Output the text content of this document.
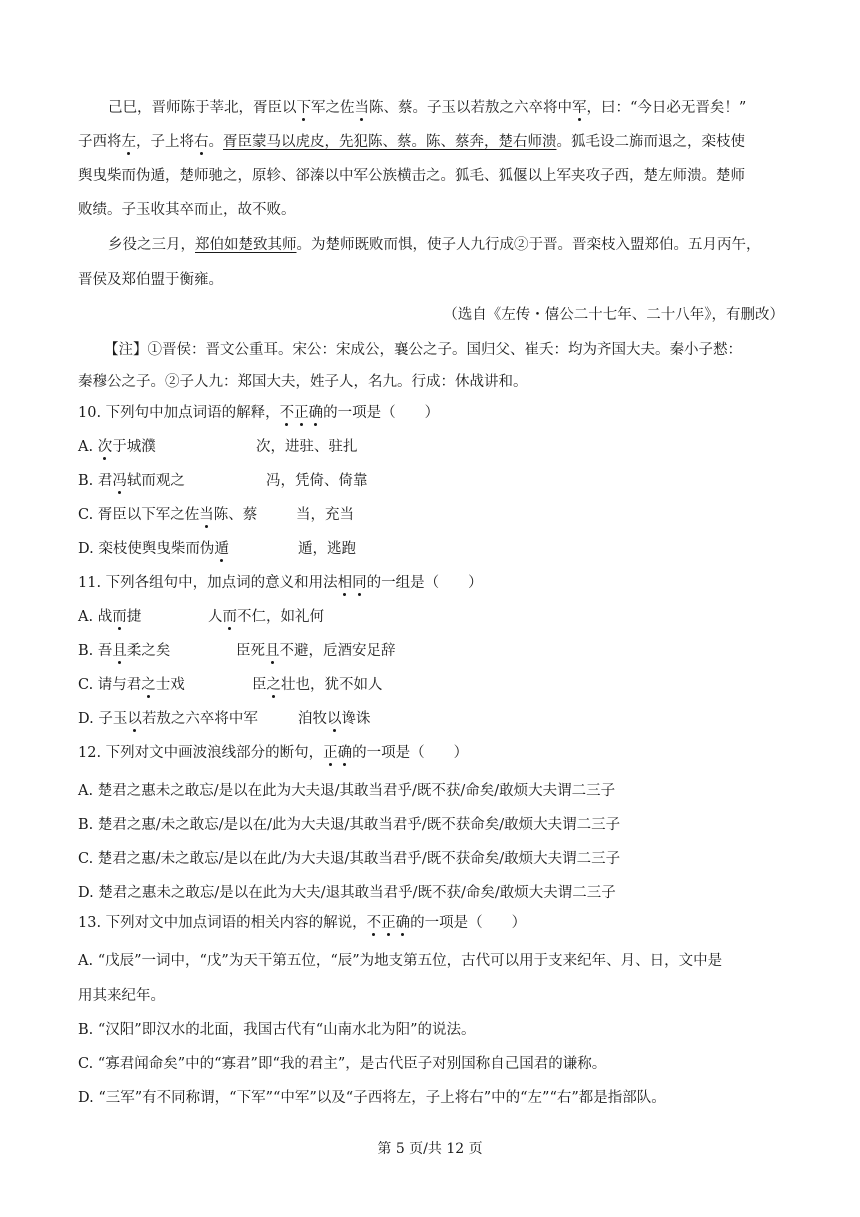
己巳，晋师陈于莘北，胥臣以下军之佐当陈、蔡。子玉以若敖之六卒将中军，曰：“今日必无晋矣！”
子西将左，子上将右。胥臣蒙马以虎皮，先犯陈、蔡。陈、蔡奔，楚右师溃。狐毛设二旆而退之，栾枝使
舆曳柴而伪遁，楚师驰之，原轸、郤溱以中军公族横击之。狐毛、狐偃以上军夹攻子西，楚左师溃。楚师
败绩。子玉收其卒而止，故不败。
乡役之三月，郑伯如楚致其师。为楚师既败而惧，使子人九行成②于晋。晋栾枝入盟郑伯。五月丙午，
晋侯及郑伯盟于衡雍。
（选自《左传・僖公二十七年、二十八年》，有删改）
【注】①晋侯：晋文公重耳。宋公：宋成公，襄公之子。国归父、崔夭：均为齐国大夫。秦小子慭：
秦穆公之子。②子人九：郑国大夫，姓子人，名九。行成：休战讲和。
10. 下列句中加点词语的解释，不正确的一项是（　　）
A. 次于城濮	次，进驻、驻扎
B. 君冯轼而观之	冯，凭倚、倚靠
C. 胥臣以下军之佐当陈、蔡	当，充当
D. 栾枝使舆曳柴而伪遁	遁，逃跑
11. 下列各组句中，加点词的意义和用法相同的一组是（　　）
A. 战而捷	人而不仁，如礼何
B. 吾且柔之矣	臣死且不避，卮酒安足辞
C. 请与君之士戏	臣之壮也，犹不如人
D. 子玉以若敖之六卒将中军	洎牧以谗诛
12. 下列对文中画波浪线部分的断句，正确的一项是（　　）
A. 楚君之惠未之敢忘/是以在此为大夫退/其敢当君乎/既不获/命矣/敢烦大夫谓二三子
B. 楚君之惠/未之敢忘/是以在/此为大夫退/其敢当君乎/既不获命矣/敢烦大夫谓二三子
C. 楚君之惠/未之敢忘/是以在此/为大夫退/其敢当君乎/既不获命矣/敢烦大夫谓二三子
D. 楚君之惠未之敢忘/是以在此为大夫/退其敢当君乎/既不获/命矣/敢烦大夫谓二三子
13. 下列对文中加点词语的相关内容的解说，不正确的一项是（　　）
A. “戊辰”一词中，“戊”为天干第五位，“辰”为地支第五位，古代可以用于支来纪年、月、日，文中是
用其来纪年。
B. “汉阳”即汉水的北面，我国古代有“山南水北为阳”的说法。
C. “寡君闻命矣”中的“寡君”即“我的君主”，是古代臣子对别国称自己国君的谦称。
D. “三军”有不同称谓，“下军”“中军”以及“子西将左，子上将右”中的“左”“右”都是指部队。
第 5 页/共 12 页
